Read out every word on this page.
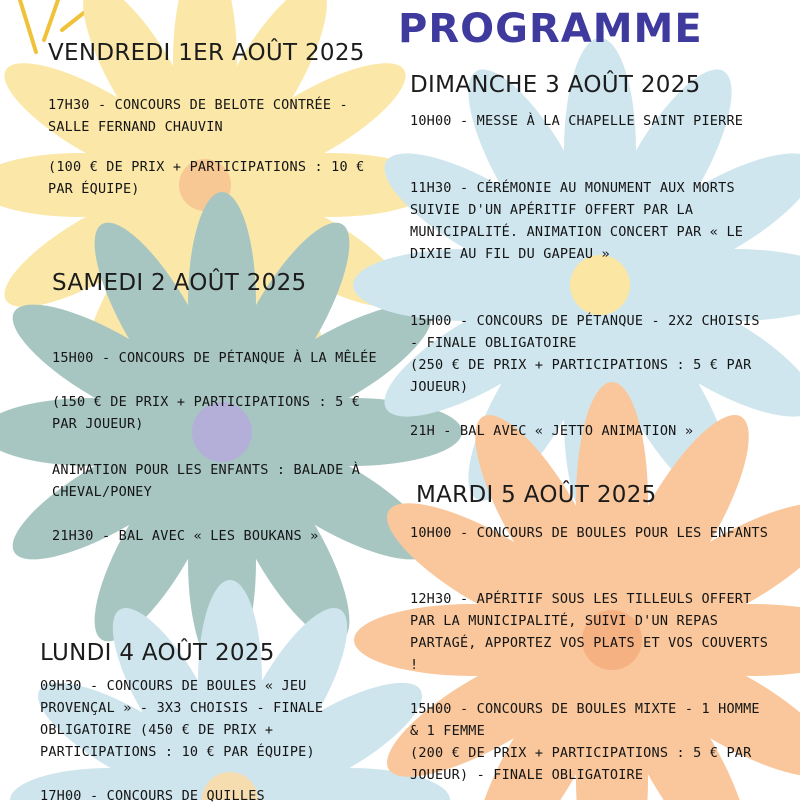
PROGRAMME
VENDREDI 1ER AOÛT 2025

17H30 - CONCOURS DE BELOTE CONTRÉE - SALLE FERNAND CHAUVIN

(100 € DE PRIX + PARTICIPATIONS : 10 € PAR ÉQUIPE)

SAMEDI 2 AOÛT 2025

15H00 - CONCOURS DE PÉTANQUE À LA MÊLÉE

(150 € DE PRIX + PARTICIPATIONS : 5 € PAR JOUEUR)

ANIMATION POUR LES ENFANTS : BALADE À CHEVAL/PONEY

21H30 - BAL AVEC « LES BOUKANS »

LUNDI 4 AOÛT 2025

09H30 - CONCOURS DE BOULES « JEU PROVENÇAL » - 3X3 CHOISIS - FINALE OBLIGATOIRE (450 € DE PRIX + PARTICIPATIONS : 10 € PAR ÉQUIPE)

17H00 - CONCOURS DE QUILLES

DIMANCHE 3 AOÛT 2025

10H00 - MESSE À LA CHAPELLE SAINT PIERRE

11H30 - CÉRÉMONIE AU MONUMENT AUX MORTS SUIVIE D'UN APÉRITIF OFFERT PAR LA MUNICIPALITÉ. ANIMATION CONCERT PAR « LE DIXIE AU FIL DU GAPEAU »

15H00 - CONCOURS DE PÉTANQUE - 2X2 CHOISIS - FINALE OBLIGATOIRE

(250 € DE PRIX + PARTICIPATIONS : 5 € PAR JOUEUR)

21H - BAL AVEC « JETTO ANIMATION »

MARDI 5 AOÛT 2025

10H00 - CONCOURS DE BOULES POUR LES ENFANTS

12H30 - APÉRITIF SOUS LES TILLEULS OFFERT PAR LA MUNICIPALITÉ, SUIVI D'UN REPAS PARTAGÉ, APPORTEZ VOS PLATS ET VOS COUVERTS !

15H00 - CONCOURS DE BOULES MIXTE - 1 HOMME & 1 FEMME

(200 € DE PRIX + PARTICIPATIONS : 5 € PAR JOUEUR) - FINALE OBLIGATOIRE
